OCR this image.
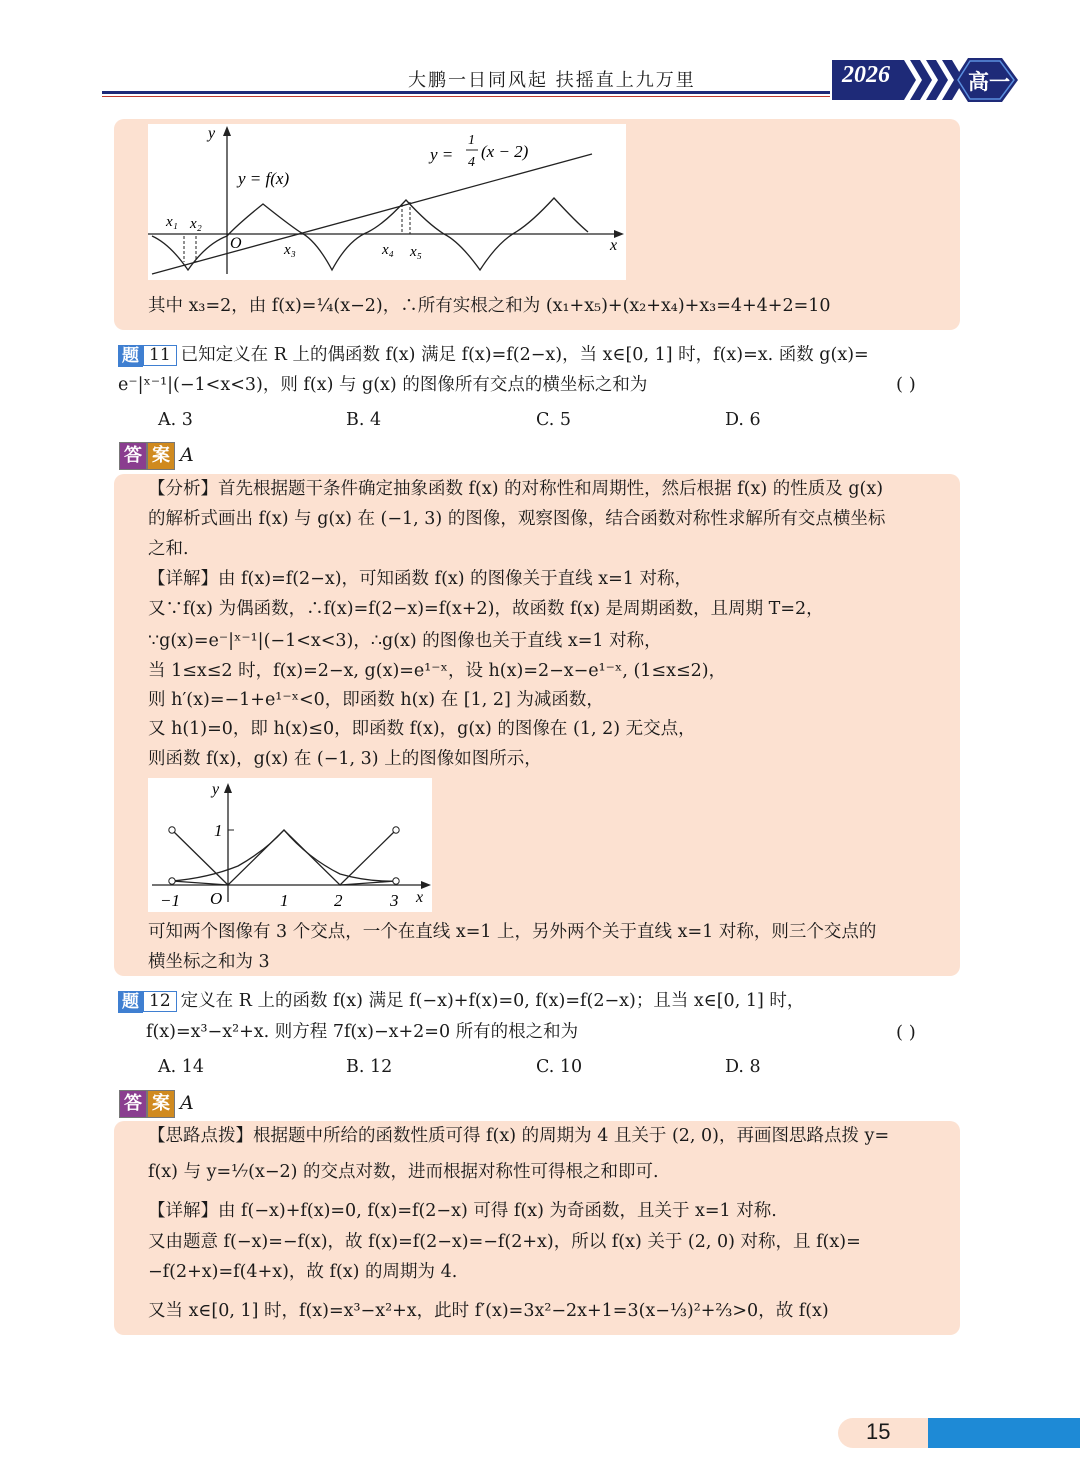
大鹏一日同风起 扶摇直上九万里	2026	高一
y
x
y = f(x)
y =
1
4
(x − 2)
O
x₁ x₂
x₃	x₄ x₅
其中 x₃=2，由 f(x)=¼(x−2)，∴所有实根之和为 (x₁+x₅)+(x₂+x₄)+x₃=4+4+2=10
题 11 已知定义在 R 上的偶函数 f(x) 满足 f(x)=f(2−x)，当 x∈[0, 1] 时，f(x)=x. 函数 g(x)=
e⁻|ˣ⁻¹|(−1<x<3)，则 f(x) 与 g(x) 的图像所有交点的横坐标之和为	( )
A. 3	B. 4	C. 5	D. 6
答 案 A
【分析】首先根据题干条件确定抽象函数 f(x) 的对称性和周期性，然后根据 f(x) 的性质及 g(x)
的解析式画出 f(x) 与 g(x) 在 (−1, 3) 的图像，观察图像，结合函数对称性求解所有交点横坐标
之和.
【详解】由 f(x)=f(2−x)，可知函数 f(x) 的图像关于直线 x=1 对称，
又∵f(x) 为偶函数，∴f(x)=f(2−x)=f(x+2)，故函数 f(x) 是周期函数，且周期 T=2，
∵g(x)=e⁻|ˣ⁻¹|(−1<x<3)，∴g(x) 的图像也关于直线 x=1 对称，
当 1≤x≤2 时，f(x)=2−x, g(x)=e¹⁻ˣ，设 h(x)=2−x−e¹⁻ˣ, (1≤x≤2)，
则 h′(x)=−1+e¹⁻ˣ<0，即函数 h(x) 在 [1, 2] 为减函数，
又 h(1)=0，即 h(x)≤0，即函数 f(x)，g(x) 的图像在 (1, 2) 无交点，
则函数 f(x)，g(x) 在 (−1, 3) 上的图像如图所示，
y
x
O
−1	1	2	3
1
可知两个图像有 3 个交点，一个在直线 x=1 上，另外两个关于直线 x=1 对称，则三个交点的
横坐标之和为 3
题 12 定义在 R 上的函数 f(x) 满足 f(−x)+f(x)=0, f(x)=f(2−x)；且当 x∈[0, 1] 时，
f(x)=x³−x²+x. 则方程 7f(x)−x+2=0 所有的根之和为	( )
A. 14	B. 12	C. 10	D. 8
答 案 A
【思路点拨】根据题中所给的函数性质可得 f(x) 的周期为 4 且关于 (2, 0)，再画图思路点拨 y=
f(x) 与 y=⅐(x−2) 的交点对数，进而根据对称性可得根之和即可.
【详解】由 f(−x)+f(x)=0, f(x)=f(2−x) 可得 f(x) 为奇函数，且关于 x=1 对称.
又由题意 f(−x)=−f(x)，故 f(x)=f(2−x)=−f(2+x)，所以 f(x) 关于 (2, 0) 对称，且 f(x)=
−f(2+x)=f(4+x)，故 f(x) 的周期为 4.
又当 x∈[0, 1] 时，f(x)=x³−x²+x，此时 f′(x)=3x²−2x+1=3(x−⅓)²+⅔>0，故 f(x)
15
